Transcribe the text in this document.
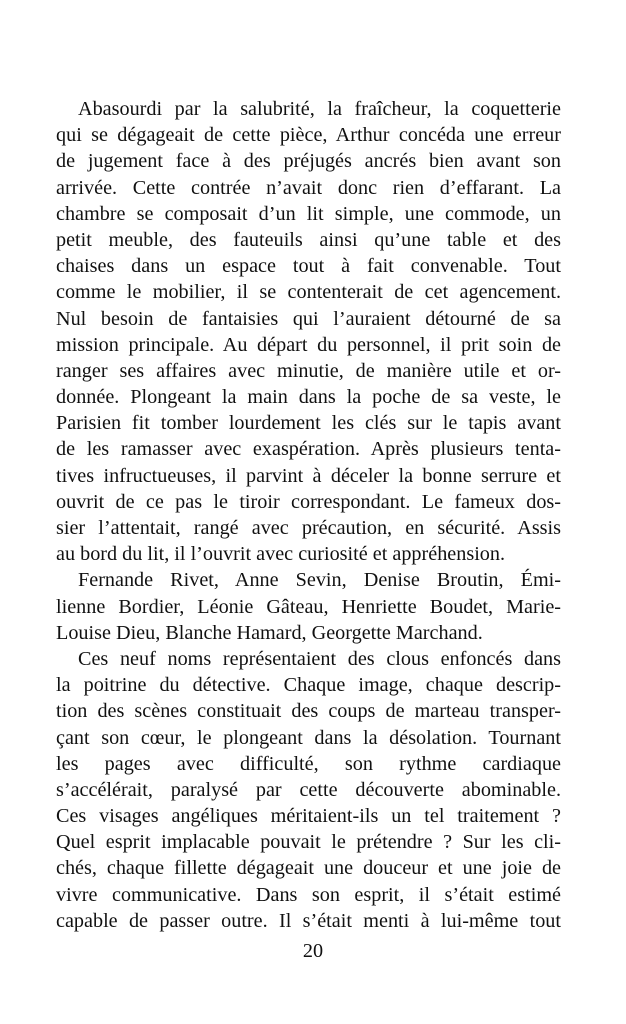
Abasourdi par la salubrité, la fraîcheur, la coquetterie
qui se dégageait de cette pièce, Arthur concéda une erreur
de jugement face à des préjugés ancrés bien avant son
arrivée. Cette contrée n’avait donc rien d’effarant. La
chambre se composait d’un lit simple, une commode, un
petit meuble, des fauteuils ainsi qu’une table et des
chaises dans un espace tout à fait convenable. Tout
comme le mobilier, il se contenterait de cet agencement.
Nul besoin de fantaisies qui l’auraient détourné de sa
mission principale. Au départ du personnel, il prit soin de
ranger ses affaires avec minutie, de manière utile et or-
donnée. Plongeant la main dans la poche de sa veste, le
Parisien fit tomber lourdement les clés sur le tapis avant
de les ramasser avec exaspération. Après plusieurs tenta-
tives infructueuses, il parvint à déceler la bonne serrure et
ouvrit de ce pas le tiroir correspondant. Le fameux dos-
sier l’attentait, rangé avec précaution, en sécurité. Assis
au bord du lit, il l’ouvrit avec curiosité et appréhension.
Fernande Rivet, Anne Sevin, Denise Broutin, Émi-
lienne Bordier, Léonie Gâteau, Henriette Boudet, Marie-
Louise Dieu, Blanche Hamard, Georgette Marchand.
Ces neuf noms représentaient des clous enfoncés dans
la poitrine du détective. Chaque image, chaque descrip-
tion des scènes constituait des coups de marteau transper-
çant son cœur, le plongeant dans la désolation. Tournant
les pages avec difficulté, son rythme cardiaque
s’accélérait, paralysé par cette découverte abominable.
Ces visages angéliques méritaient-ils un tel traitement ?
Quel esprit implacable pouvait le prétendre ? Sur les cli-
chés, chaque fillette dégageait une douceur et une joie de
vivre communicative. Dans son esprit, il s’était estimé
capable de passer outre. Il s’était menti à lui-même tout
20
